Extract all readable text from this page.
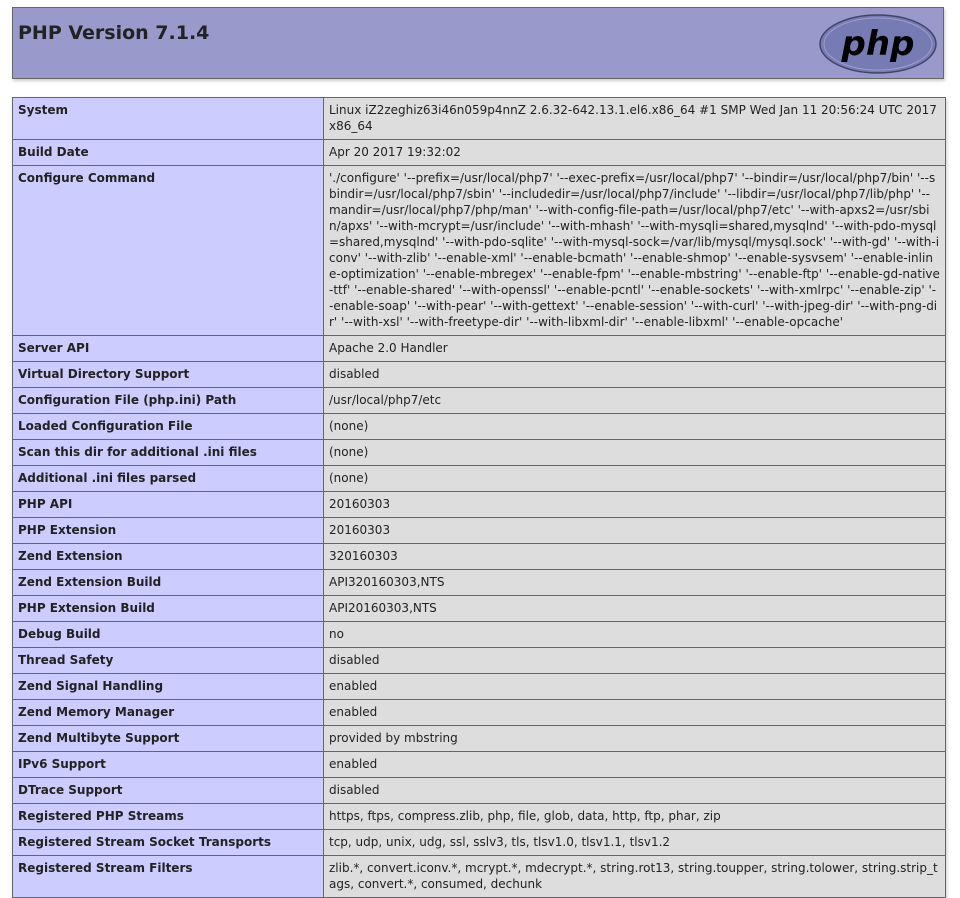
PHP Version 7.1.4	php
System	Linux iZ2zeghiz63i46n059p4nnZ 2.6.32-642.13.1.el6.x86_64 #1 SMP Wed Jan 11 20:56:24 UTC 2017 x86_64
Build Date	Apr 20 2017 19:32:02
Configure Command	'./configure' '--prefix=/usr/local/php7' '--exec-prefix=/usr/local/php7' '--bindir=/usr/local/php7/bin' '--sbindir=/usr/local/php7/sbin' '--includedir=/usr/local/php7/include' '--libdir=/usr/local/php7/lib/php' '--mandir=/usr/local/php7/php/man' '--with-config-file-path=/usr/local/php7/etc' '--with-apxs2=/usr/sbin/apxs' '--with-mcrypt=/usr/include' '--with-mhash' '--with-mysqli=shared,mysqlnd' '--with-pdo-mysql=shared,mysqlnd' '--with-pdo-sqlite' '--with-mysql-sock=/var/lib/mysql/mysql.sock' '--with-gd' '--with-iconv' '--with-zlib' '--enable-xml' '--enable-bcmath' '--enable-shmop' '--enable-sysvsem' '--enable-inline-optimization' '--enable-mbregex' '--enable-fpm' '--enable-mbstring' '--enable-ftp' '--enable-gd-native-ttf' '--enable-shared' '--with-openssl' '--enable-pcntl' '--enable-sockets' '--with-xmlrpc' '--enable-zip' '--enable-soap' '--with-pear' '--with-gettext' '--enable-session' '--with-curl' '--with-jpeg-dir' '--with-png-dir' '--with-xsl' '--with-freetype-dir' '--with-libxml-dir' '--enable-libxml' '--enable-opcache'
Server API	Apache 2.0 Handler
Virtual Directory Support	disabled
Configuration File (php.ini) Path	/usr/local/php7/etc
Loaded Configuration File	(none)
Scan this dir for additional .ini files	(none)
Additional .ini files parsed	(none)
PHP API	20160303
PHP Extension	20160303
Zend Extension	320160303
Zend Extension Build	API320160303,NTS
PHP Extension Build	API20160303,NTS
Debug Build	no
Thread Safety	disabled
Zend Signal Handling	enabled
Zend Memory Manager	enabled
Zend Multibyte Support	provided by mbstring
IPv6 Support	enabled
DTrace Support	disabled
Registered PHP Streams	https, ftps, compress.zlib, php, file, glob, data, http, ftp, phar, zip
Registered Stream Socket Transports	tcp, udp, unix, udg, ssl, sslv3, tls, tlsv1.0, tlsv1.1, tlsv1.2
Registered Stream Filters	zlib.*, convert.iconv.*, mcrypt.*, mdecrypt.*, string.rot13, string.toupper, string.tolower, string.strip_tags, convert.*, consumed, dechunk
